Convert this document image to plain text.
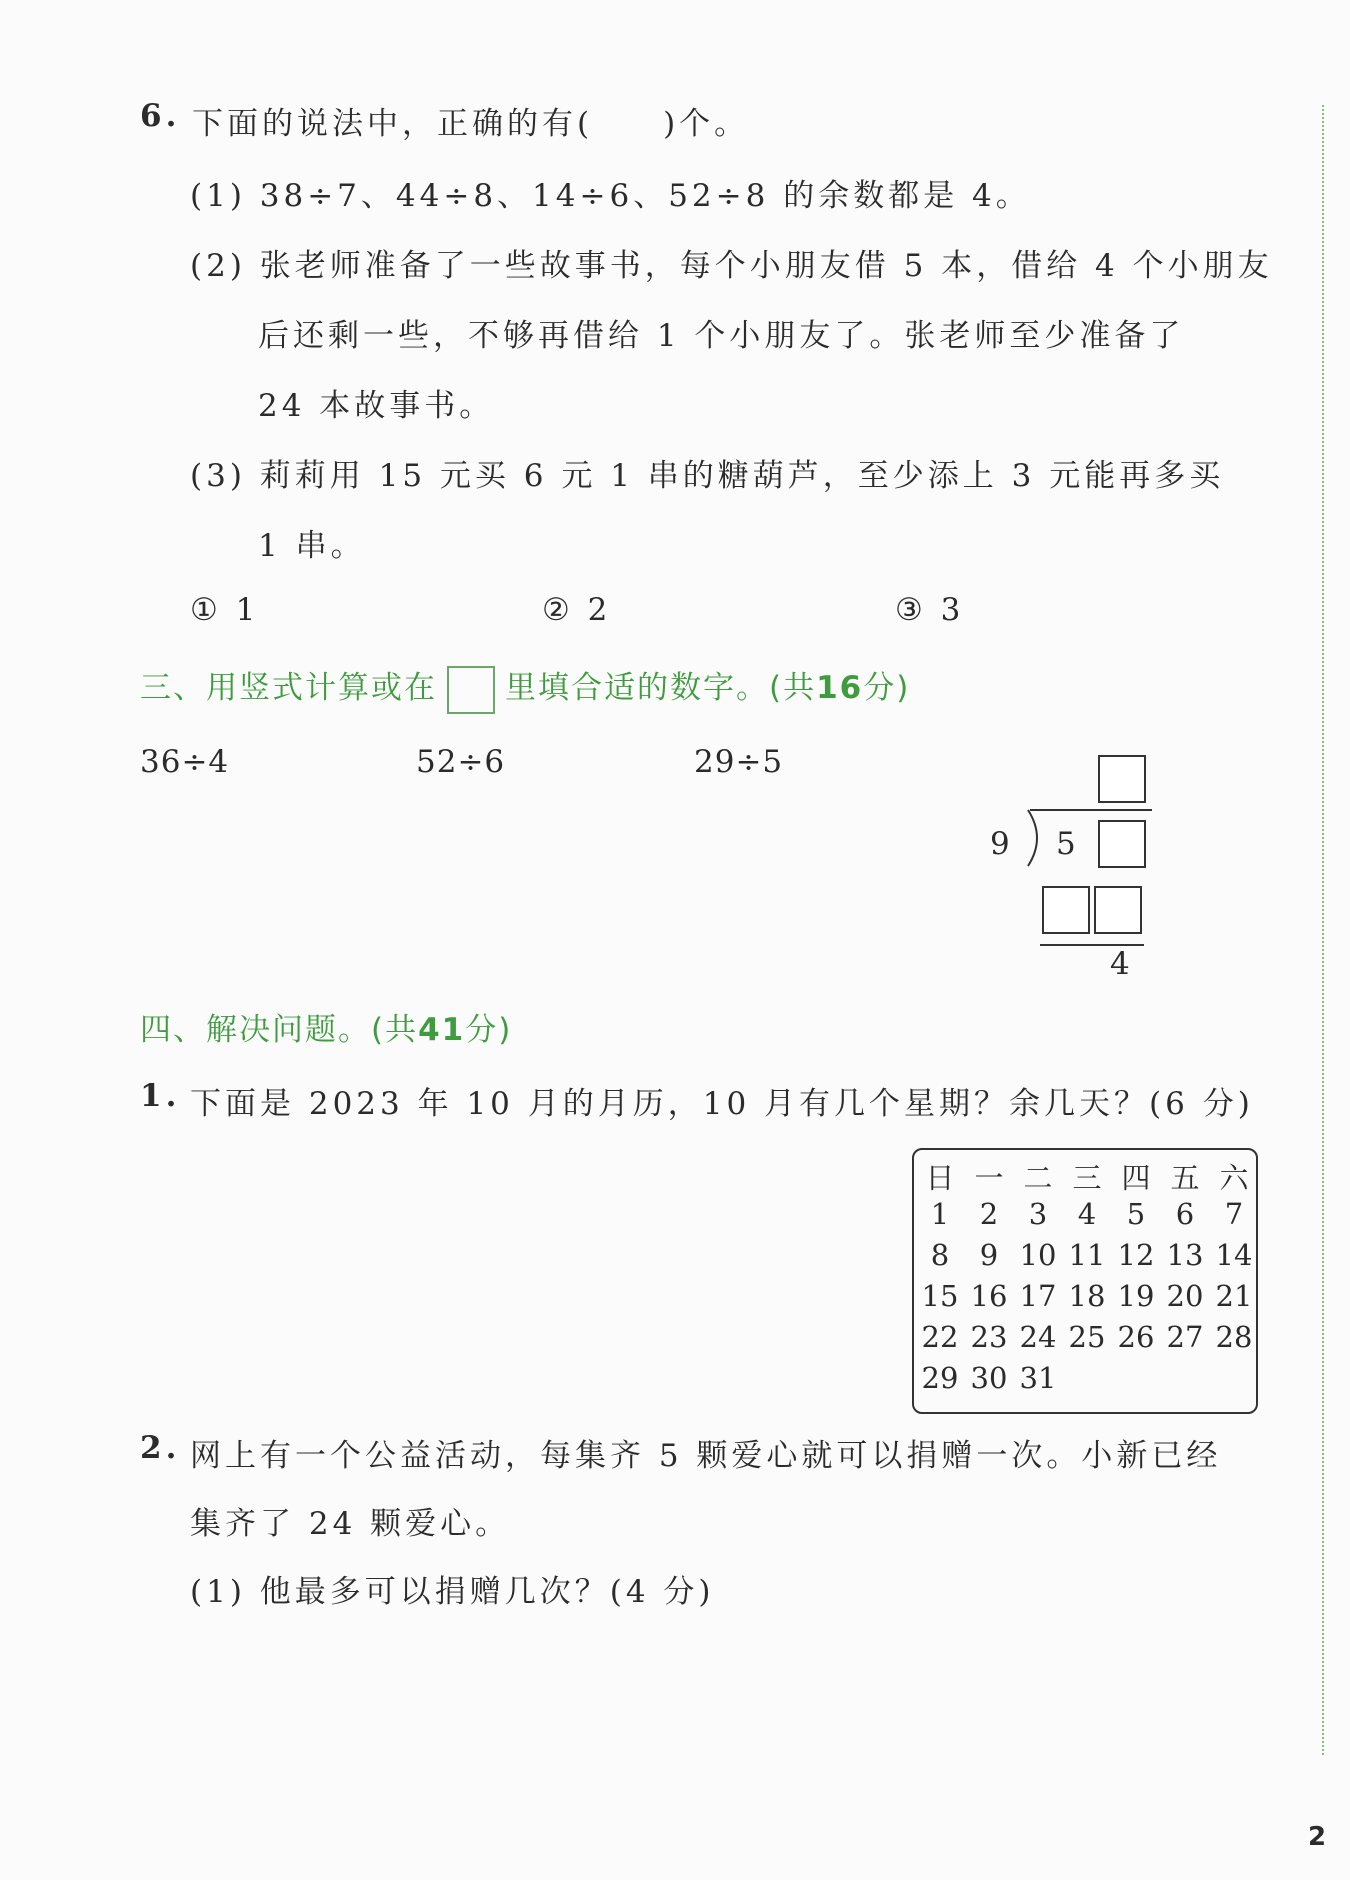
6. 下面的说法中，正确的有(　　)个。
(1) 38÷7、44÷8、14÷6、52÷8 的余数都是 4。
(2) 张老师准备了一些故事书，每个小朋友借 5 本，借给 4 个小朋友
后还剩一些，不够再借给 1 个小朋友了。张老师至少准备了
24 本故事书。
(3) 莉莉用 15 元买 6 元 1 串的糖葫芦，至少添上 3 元能再多买
1 串。
① 1	② 2	③ 3
三、用竖式计算或在 里填合适的数字。(共16分)
36÷4	52÷6	29÷5
9 5
4
四、解决问题。(共41分)
1. 下面是 2023 年 10 月的月历，10 月有几个星期？余几天？(6 分)
日 一 二 三 四 五 六
1	2	3	4	5	6	7
8	9 10 11 12 13 14
15 16 17 18 19 20 21
22 23 24 25 26 27 28
29 30 31
2. 网上有一个公益活动，每集齐 5 颗爱心就可以捐赠一次。小新已经
集齐了 24 颗爱心。
(1) 他最多可以捐赠几次？(4 分)
2
